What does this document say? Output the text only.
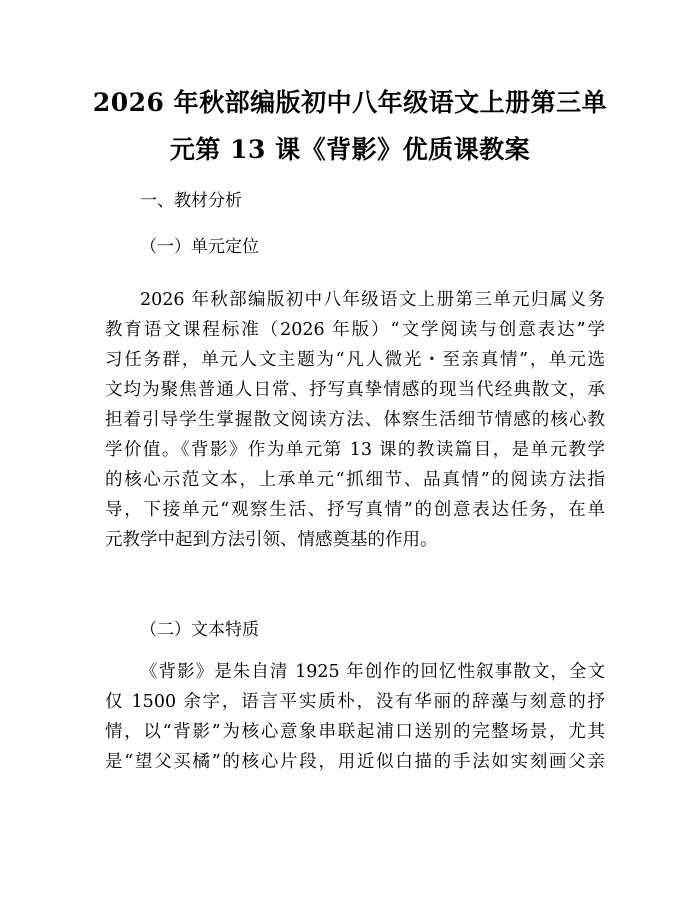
2026 年秋部编版初中八年级语文上册第三单
元第 13 课《背影》优质课教案
一、教材分析
（一）单元定位
2026 年秋部编版初中八年级语文上册第三单元归属义务
教育语文课程标准（2026 年版）“文学阅读与创意表达”学
习任务群，单元人文主题为“凡人微光・至亲真情”，单元选
文均为聚焦普通人日常、抒写真挚情感的现当代经典散文，承
担着引导学生掌握散文阅读方法、体察生活细节情感的核心教
学价值。《背影》作为单元第 13 课的教读篇目，是单元教学
的核心示范文本，上承单元“抓细节、品真情”的阅读方法指
导，下接单元“观察生活、抒写真情”的创意表达任务，在单
元教学中起到方法引领、情感奠基的作用。
（二）文本特质
《背影》是朱自清 1925 年创作的回忆性叙事散文，全文
仅 1500 余字，语言平实质朴，没有华丽的辞藻与刻意的抒
情，以“背影”为核心意象串联起浦口送别的完整场景，尤其
是“望父买橘”的核心片段，用近似白描的手法如实刻画父亲
